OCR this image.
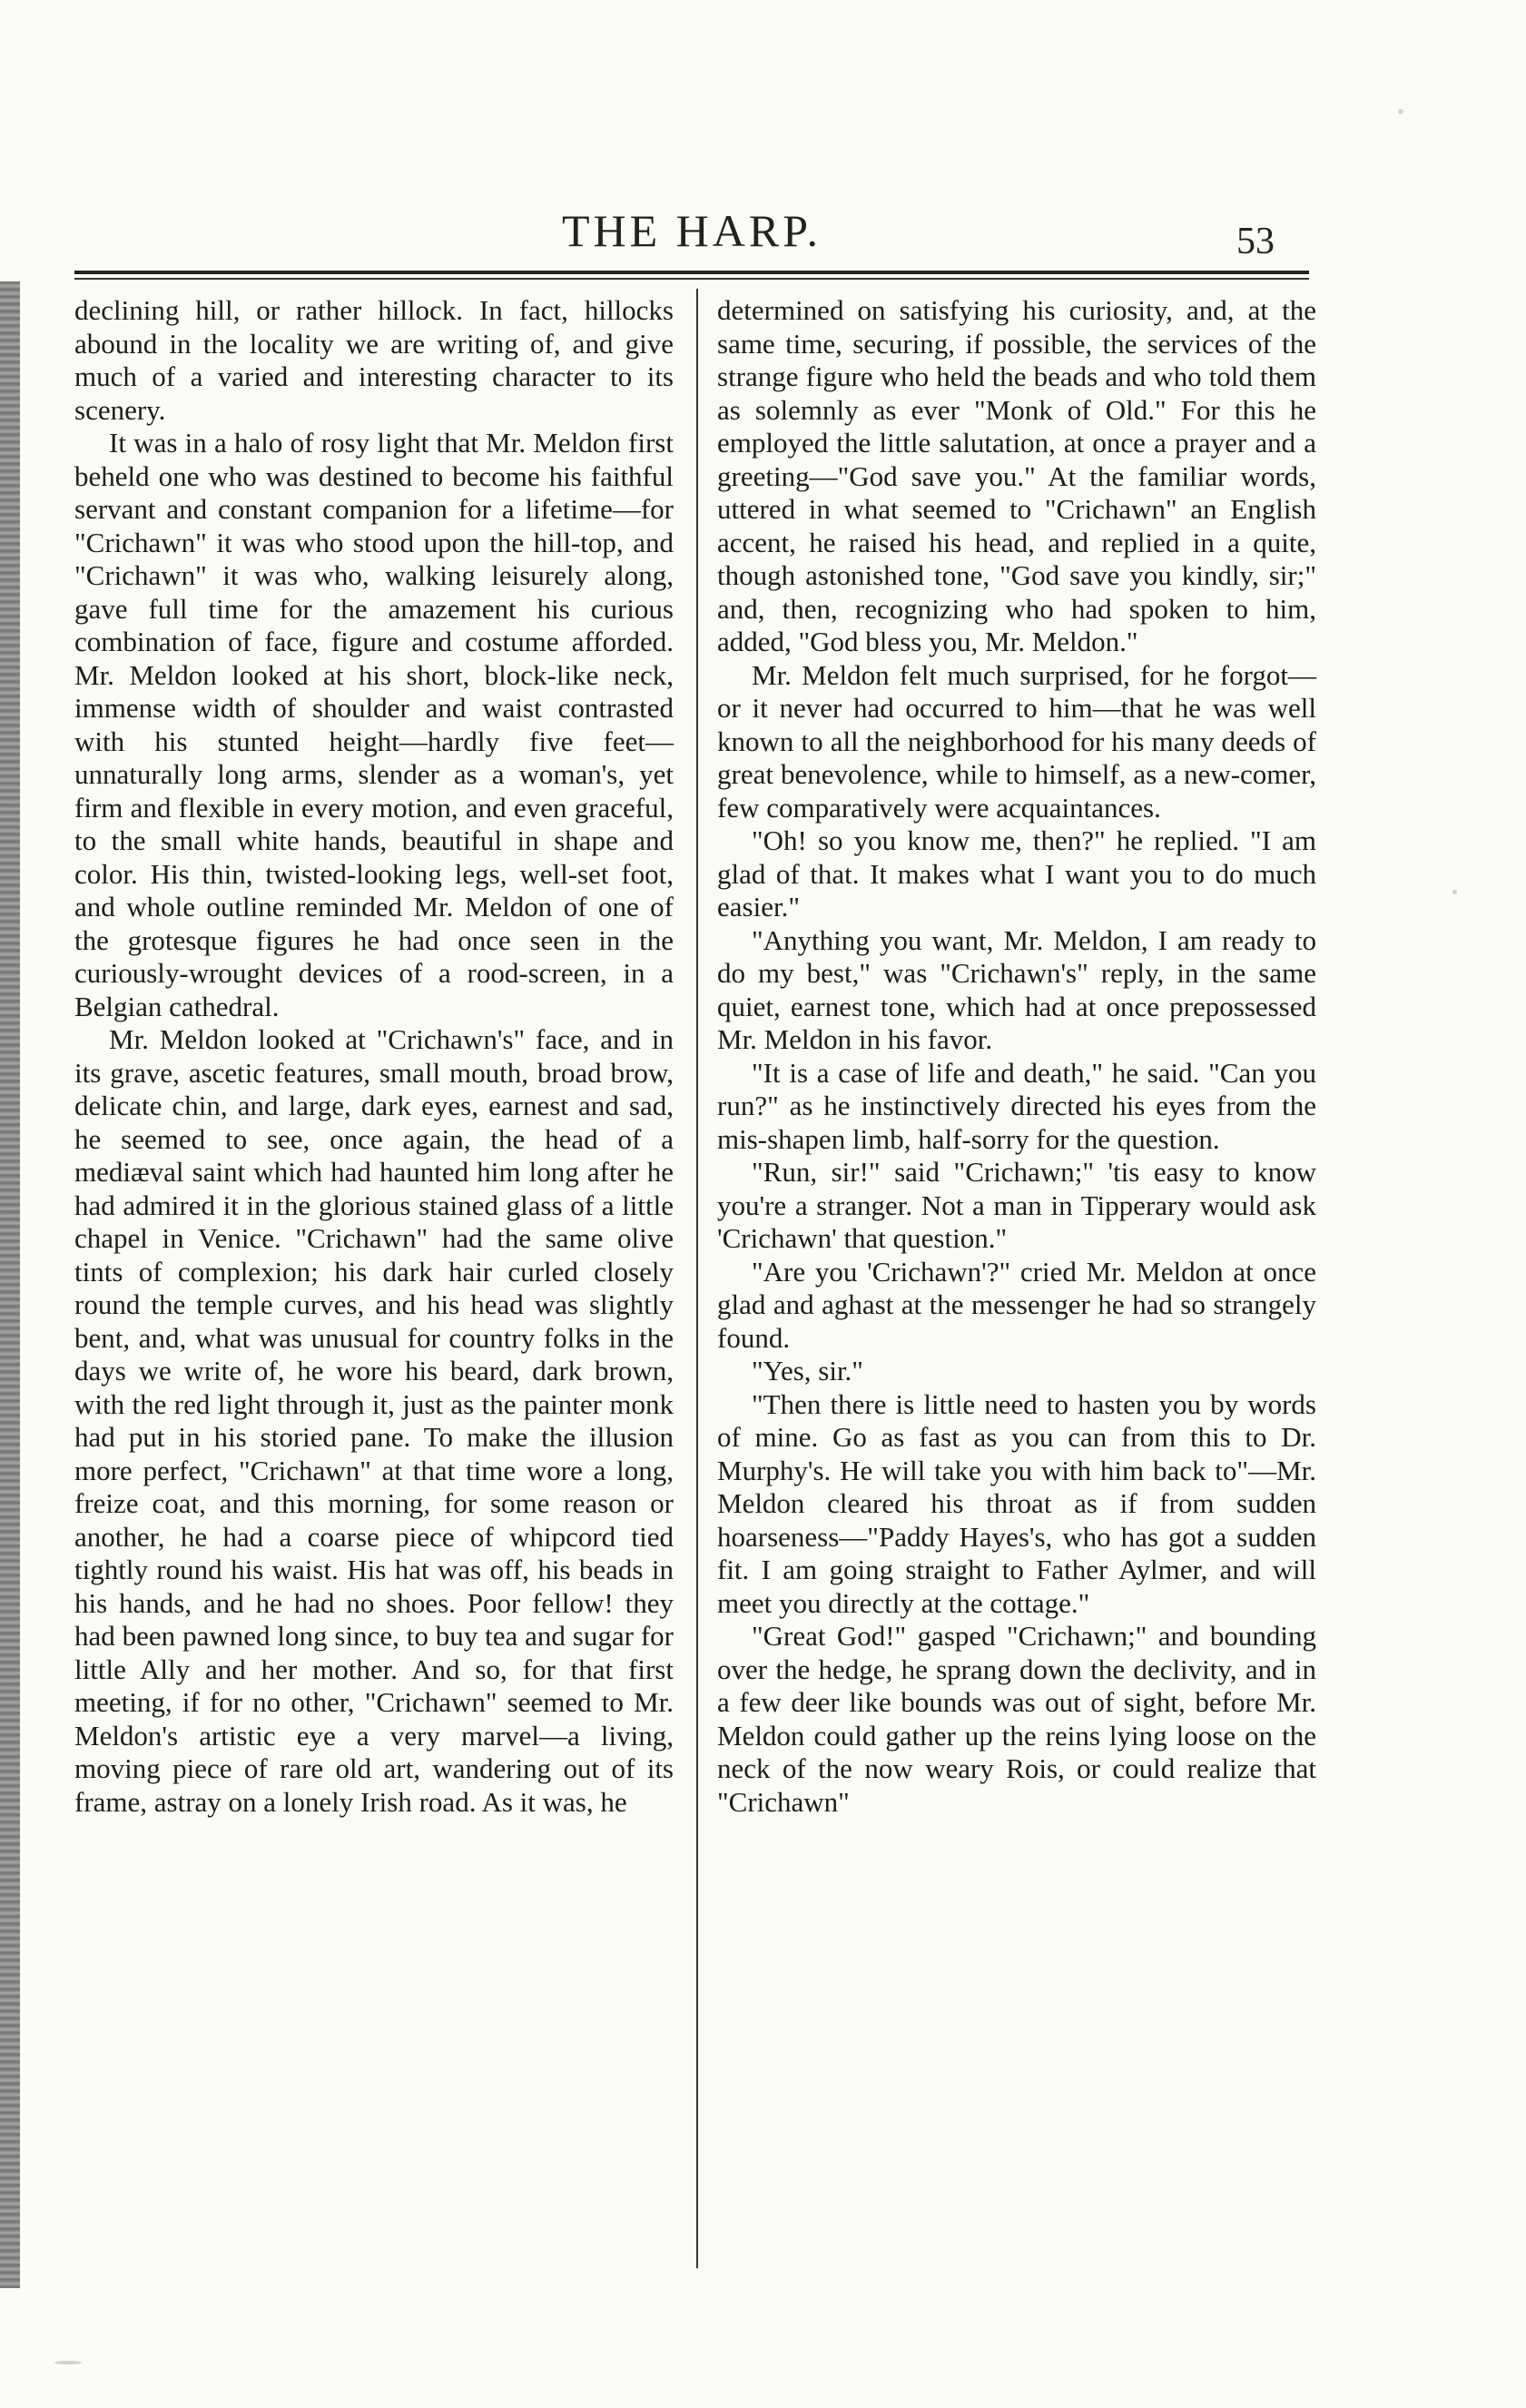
THE HARP.	53

declining hill, or rather hillock. In fact, hillocks abound in the locality we are writing of, and give much of a varied and interesting character to its scenery.

It was in a halo of rosy light that Mr. Meldon first beheld one who was destined to become his faithful servant and constant companion for a lifetime—for "Crichawn" it was who stood upon the hill-top, and "Crichawn" it was who, walking leisurely along, gave full time for the amazement his curious combination of face, figure and costume afforded. Mr. Meldon looked at his short, block-like neck, immense width of shoulder and waist contrasted with his stunted height—hardly five feet—unnaturally long arms, slender as a woman's, yet firm and flexible in every motion, and even graceful, to the small white hands, beautiful in shape and color. His thin, twisted-looking legs, well-set foot, and whole outline reminded Mr. Meldon of one of the grotesque figures he had once seen in the curiously-wrought devices of a rood-screen, in a Belgian cathedral.

Mr. Meldon looked at "Crichawn's" face, and in its grave, ascetic features, small mouth, broad brow, delicate chin, and large, dark eyes, earnest and sad, he seemed to see, once again, the head of a mediæval saint which had haunted him long after he had admired it in the glorious stained glass of a little chapel in Venice. "Crichawn" had the same olive tints of complexion; his dark hair curled closely round the temple curves, and his head was slightly bent, and, what was unusual for country folks in the days we write of, he wore his beard, dark brown, with the red light through it, just as the painter monk had put in his storied pane. To make the illusion more perfect, "Crichawn" at that time wore a long, freize coat, and this morning, for some reason or another, he had a coarse piece of whipcord tied tightly round his waist. His hat was off, his beads in his hands, and he had no shoes. Poor fellow! they had been pawned long since, to buy tea and sugar for little Ally and her mother. And so, for that first meeting, if for no other, "Crichawn" seemed to Mr. Meldon's artistic eye a very marvel—a living, moving piece of rare old art, wandering out of its frame, astray on a lonely Irish road. As it was, he

determined on satisfying his curiosity, and, at the same time, securing, if possible, the services of the strange figure who held the beads and who told them as solemnly as ever "Monk of Old." For this he employed the little salutation, at once a prayer and a greeting—"God save you." At the familiar words, uttered in what seemed to "Crichawn" an English accent, he raised his head, and replied in a quite, though astonished tone, "God save you kindly, sir;" and, then, recognizing who had spoken to him, added, "God bless you, Mr. Meldon."

Mr. Meldon felt much surprised, for he forgot—or it never had occurred to him—that he was well known to all the neighborhood for his many deeds of great benevolence, while to himself, as a new-comer, few comparatively were acquaintances.

"Oh! so you know me, then?" he replied. "I am glad of that. It makes what I want you to do much easier."

"Anything you want, Mr. Meldon, I am ready to do my best," was "Crichawn's" reply, in the same quiet, earnest tone, which had at once prepossessed Mr. Meldon in his favor.

"It is a case of life and death," he said. "Can you run?" as he instinctively directed his eyes from the mis-shapen limb, half-sorry for the question.

"Run, sir!" said "Crichawn;" 'tis easy to know you're a stranger. Not a man in Tipperary would ask 'Crichawn' that question."

"Are you 'Crichawn'?" cried Mr. Meldon at once glad and aghast at the messenger he had so strangely found.

"Yes, sir."

"Then there is little need to hasten you by words of mine. Go as fast as you can from this to Dr. Murphy's. He will take you with him back to"—Mr. Meldon cleared his throat as if from sudden hoarseness—"Paddy Hayes's, who has got a sudden fit. I am going straight to Father Aylmer, and will meet you directly at the cottage."

"Great God!" gasped "Crichawn;" and bounding over the hedge, he sprang down the declivity, and in a few deer like bounds was out of sight, before Mr. Meldon could gather up the reins lying loose on the neck of the now weary Rois, or could realize that "Crichawn"
